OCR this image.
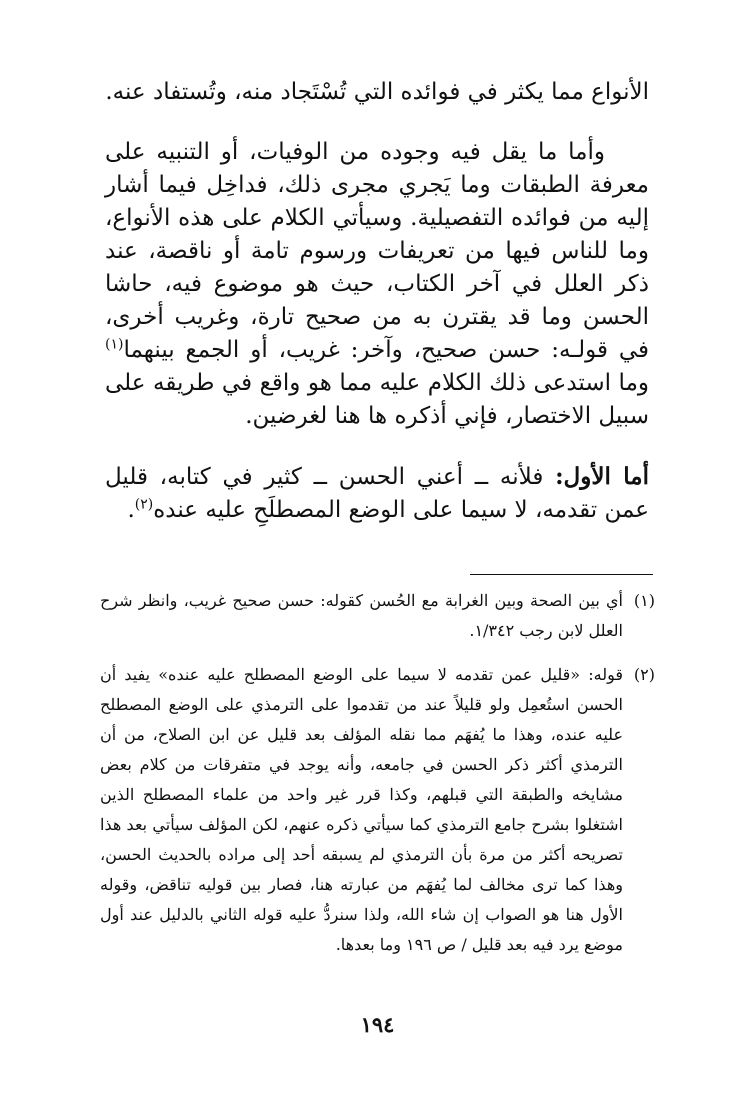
الأنواع مما يكثر في فوائده التي تُسْتَجاد منه، وتُستفاد عنه.

وأما ما يقل فيه وجوده من الوفيات، أو التنبيه على معرفة الطبقات وما يَجري مجرى ذلك، فداخِل فيما أشار إليه من فوائده التفصيلية. وسيأتي الكلام على هذه الأنواع، وما للناس فيها من تعريفات ورسوم تامة أو ناقصة، عند ذكر العلل في آخر الكتاب، حيث هو موضوع فيه، حاشا الحسن وما قد يقترن به من صحيح تارة، وغريب أخرى، في قولـه: حسن صحيح، وآخر: غريب، أو الجمع بينهما$^{(١)}$ وما استدعى ذلك الكلام عليه مما هو واقع في طريقه على سبيل الاختصار، فإني أذكره ها هنا لغرضين.

أما الأول: فلأنه ــ أعني الحسن ــ كثير في كتابه، قليل عمن تقدمه، لا سيما على الوضع المصطلَحِ عليه عنده$^{(٢)}$.

(١)
أي بين الصحة وبين الغرابة مع الحُسن كقوله: حسن صحيح غريب، وانظر شرح العلل لابن رجب ١/٣٤٢.
(٢)
قوله: «قليل عمن تقدمه لا سيما على الوضع المصطلح عليه عنده» يفيد أن الحسن استُعمِل ولو قليلاً عند من تقدموا على الترمذي على الوضع المصطلح عليه عنده، وهذا ما يُفهَم مما نقله المؤلف بعد قليل عن ابن الصلاح، من أن الترمذي أكثر ذكر الحسن في جامعه، وأنه يوجد في متفرقات من كلام بعض مشايخه والطبقة التي قبلهم، وكذا قرر غير واحد من علماء المصطلح الذين اشتغلوا بشرح جامع الترمذي كما سيأتي ذكره عنهم، لكن المؤلف سيأتي بعد هذا تصريحه أكثر من مرة بأن الترمذي لم يسبقه أحد إلى مراده بالحديث الحسن، وهذا كما ترى مخالف لما يُفهَم من عبارته هنا، فصار بين قوليه تناقض، وقوله الأول هنا هو الصواب إن شاء الله، ولذا سنردُّ عليه قوله الثاني بالدليل عند أول موضع يرد فيه بعد قليل / ص ١٩٦ وما بعدها.
١٩٤
